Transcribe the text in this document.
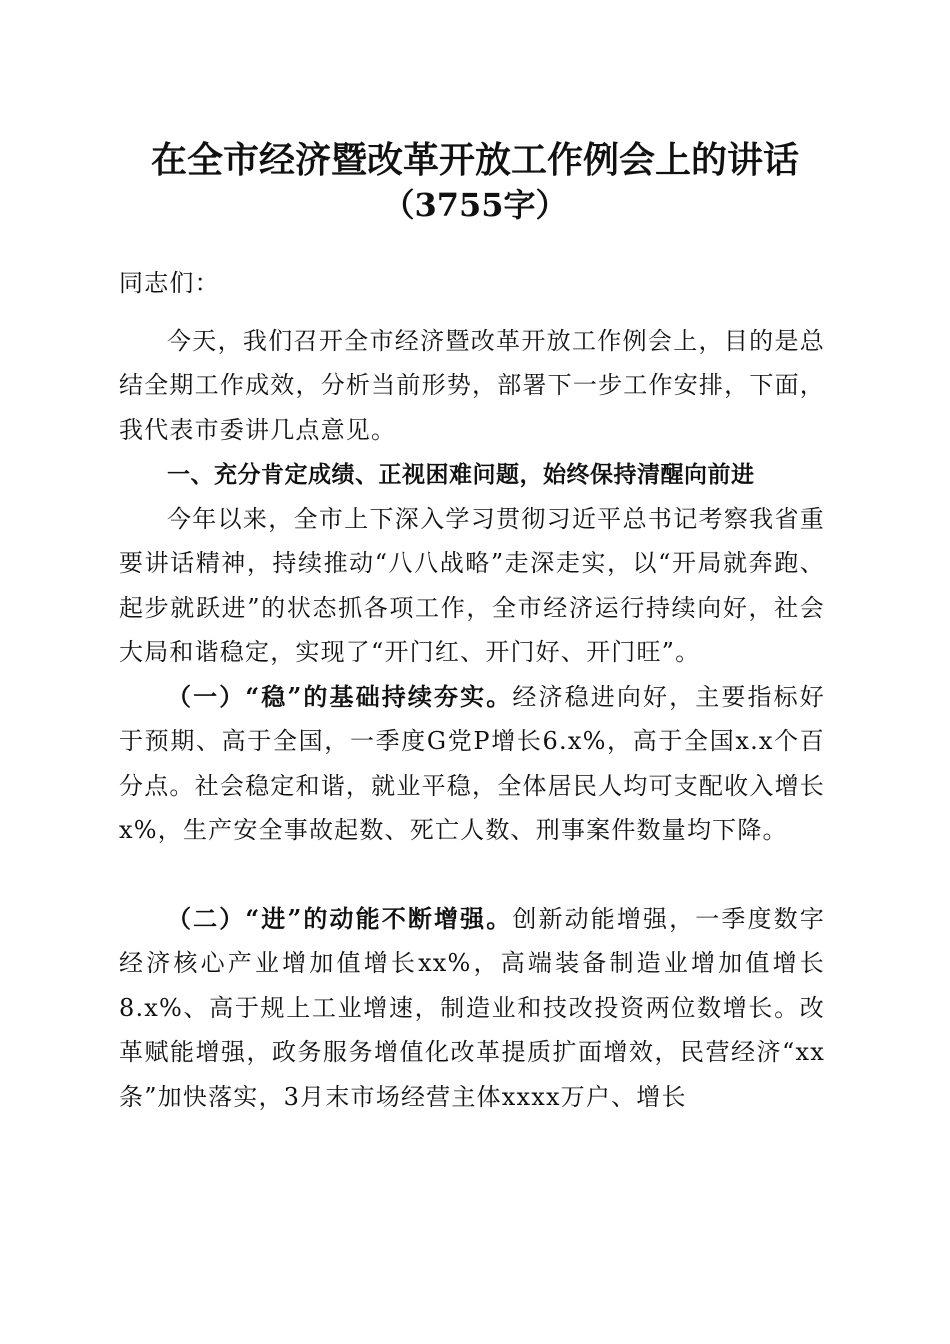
在全市经济暨改革开放工作例会上的讲话
（3755字）
同志们：
今天，我们召开全市经济暨改革开放工作例会上，目的是总结全期工作成效，分析当前形势，部署下一步工作安排，下面，我代表市委讲几点意见。
一、充分肯定成绩、正视困难问题，始终保持清醒向前进
今年以来，全市上下深入学习贯彻习近平总书记考察我省重要讲话精神，持续推动“八八战略”走深走实，以“开局就奔跑、起步就跃进”的状态抓各项工作，全市经济运行持续向好，社会大局和谐稳定，实现了“开门红、开门好、开门旺”。
（一）“稳”的基础持续夯实。经济稳进向好，主要指标好于预期、高于全国，一季度G党P增长6.x%，高于全国x.x个百分点。社会稳定和谐，就业平稳，全体居民人均可支配收入增长x%，生产安全事故起数、死亡人数、刑事案件数量均下降。
（二）“进”的动能不断增强。创新动能增强，一季度数字经济核心产业增加值增长xx%，高端装备制造业增加值增长8.x%、高于规上工业增速，制造业和技改投资两位数增长。改革赋能增强，政务服务增值化改革提质扩面增效，民营经济“xx条”加快落实，3月末市场经营主体xxxx万户、增长
